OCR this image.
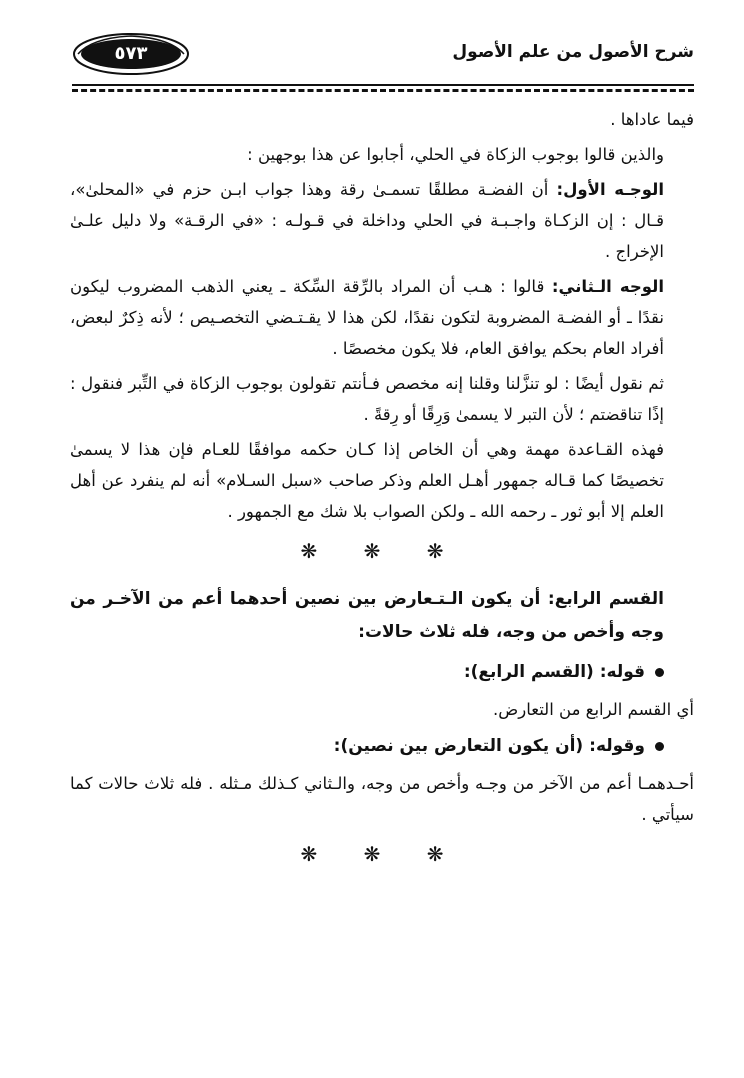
شرح الأصول من علم الأصول
٥٧٣

فيما عاداها .

والذين قالوا بوجوب الزكاة في الحلي، أجابوا عن هذا بوجهين :

الوجـه الأول: أن الفضـة مطلقًا تسمـىٰ رقة وهذا جواب ابـن حزم في «المحلىٰ»، قـال : إن الزكـاة واجـبـة في الحلي وداخلة في قـولـه : «في الرقـة» ولا دليل علـىٰ الإخراج .

الوجه الـثاني: قالوا : هـب أن المراد بالرِّقة السِّكة ـ يعني الذهب المضروب ليكون نقدًا ـ أو الفضـة المضروبة لتكون نقدًا، لكن هذا لا يقـتـضي التخصـيص ؛ لأنه ذِكرٌ لبعض، أفراد العام بحكم يوافق العام، فلا يكون مخصصًا .

ثم نقول أيضًا : لو تنزَّلنا وقلنا إنه مخصص فـأنتم تقولون بوجوب الزكاة في التِّبر فنقول : إذًا تناقضتم ؛ لأن التبر لا يسمىٰ وَرِقًا أو رِقةً .

فهذه القـاعدة مهمة وهي أن الخاص إذا كـان حكمه موافقًا للعـام فإن هذا لا يسمىٰ تخصيصًا كما قـاله جمهور أهـل العلم وذكر صاحب «سبل السـلام» أنه لم ينفرد عن أهل العلم إلا أبو ثور ـ رحمه الله ـ ولكن الصواب بلا شك مع الجمهور .

❋ ❋ ❋

القسم الرابع: أن يكون الـتـعارض بين نصين أحدهما أعم من الآخـر من وجه وأخص من وجه، فله ثلاث حالات:

قوله: (القسم الرابع):

أي القسم الرابع من التعارض.

وقوله: (أن يكون التعارض بين نصين):

أحـدهمـا أعم من الآخر من وجـه وأخص من وجه، والـثاني كـذلك مـثله . فله ثلاث حالات كما سيأتي .

❋ ❋ ❋
